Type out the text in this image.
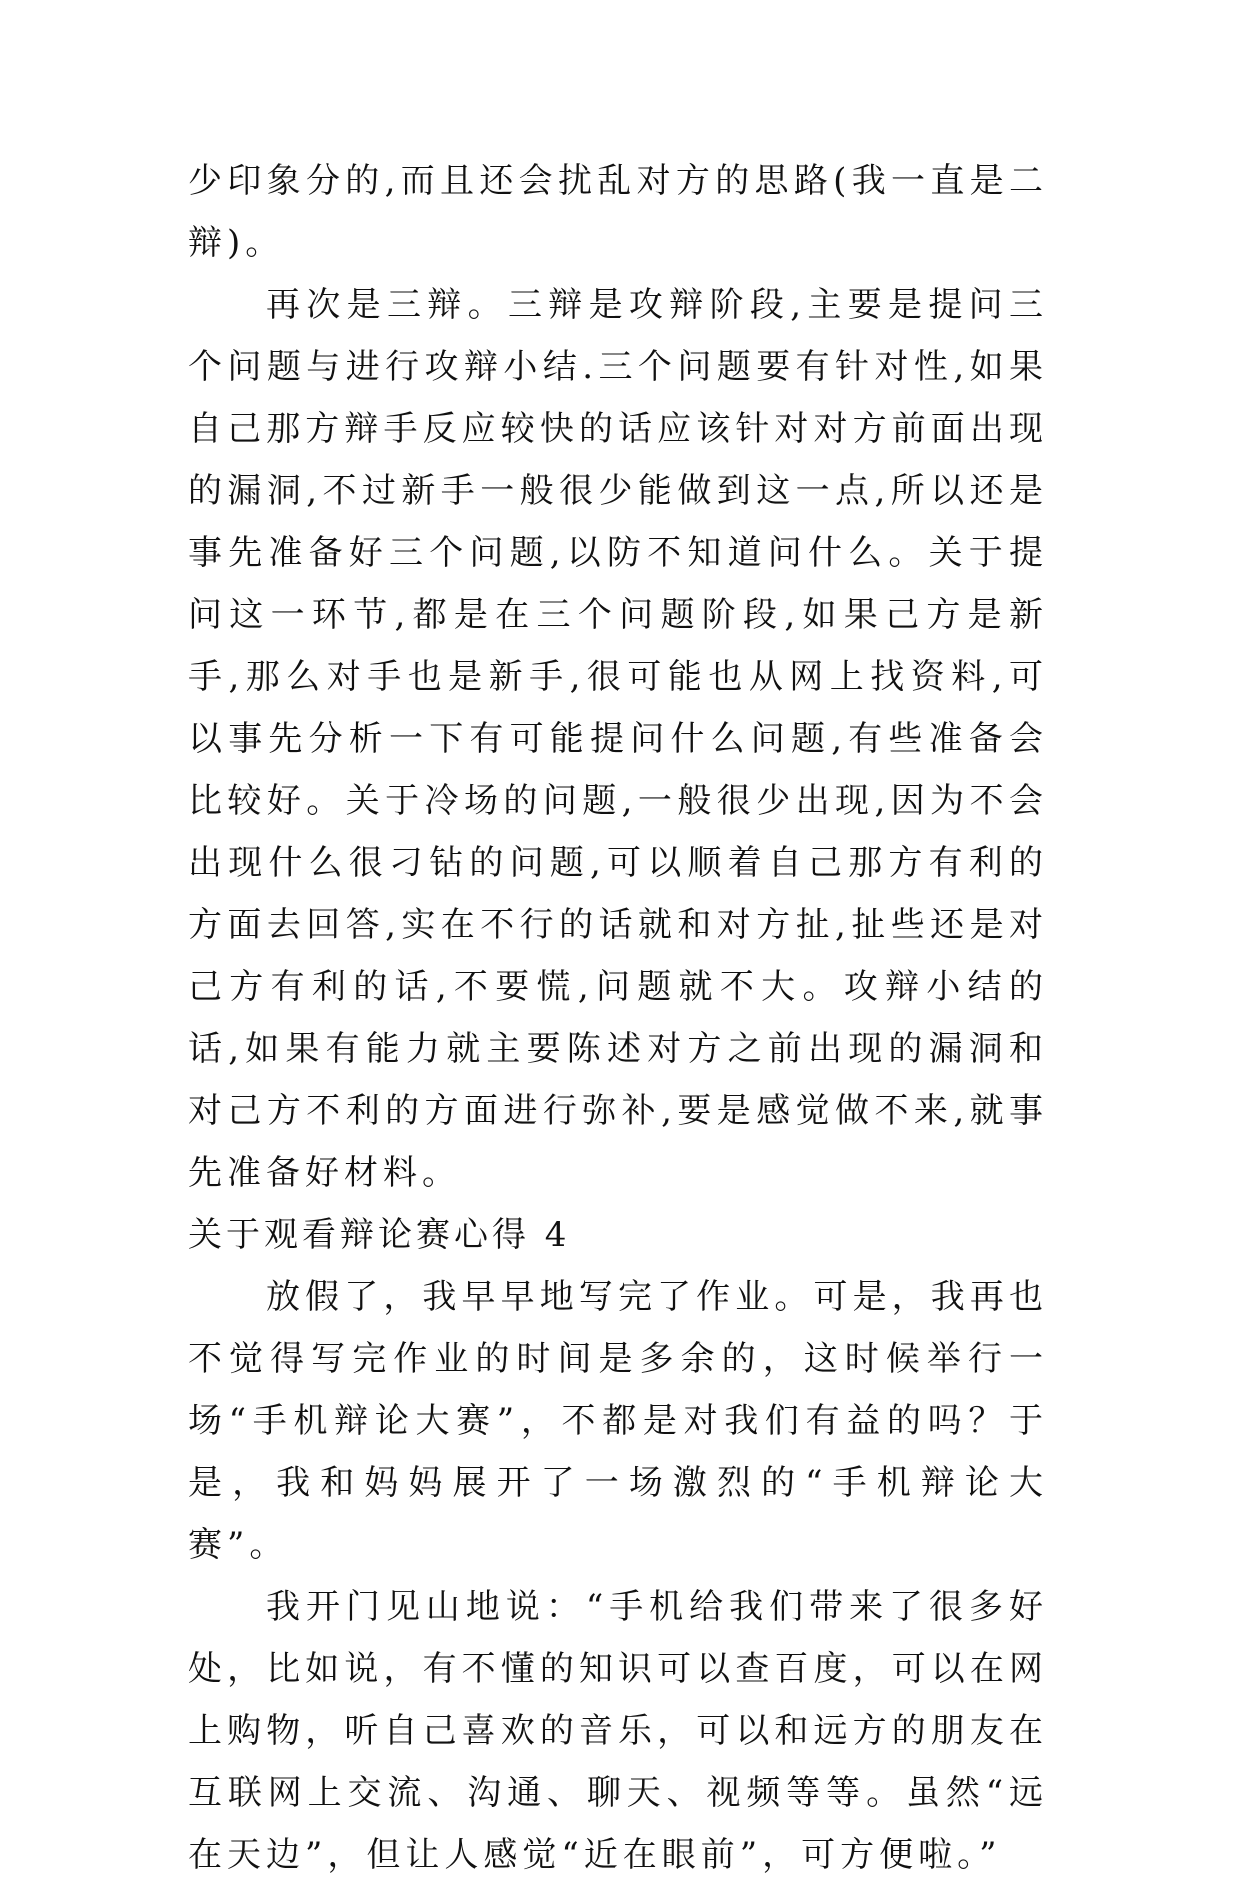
少印象分的,而且还会扰乱对方的思路(我一直是二辩)。

再次是三辩。三辩是攻辩阶段,主要是提问三个问题与进行攻辩小结.三个问题要有针对性,如果自己那方辩手反应较快的话应该针对对方前面出现的漏洞,不过新手一般很少能做到这一点,所以还是事先准备好三个问题,以防不知道问什么。关于提问这一环节,都是在三个问题阶段,如果己方是新手,那么对手也是新手,很可能也从网上找资料,可以事先分析一下有可能提问什么问题,有些准备会比较好。关于冷场的问题,一般很少出现,因为不会出现什么很刁钻的问题,可以顺着自己那方有利的方面去回答,实在不行的话就和对方扯,扯些还是对己方有利的话,不要慌,问题就不大。攻辩小结的话,如果有能力就主要陈述对方之前出现的漏洞和对己方不利的方面进行弥补,要是感觉做不来,就事先准备好材料。

关于观看辩论赛心得 4

放假了，我早早地写完了作业。可是，我再也不觉得写完作业的时间是多余的，这时候举行一场“手机辩论大赛”，不都是对我们有益的吗？于是，我和妈妈展开了一场激烈的“手机辩论大赛”。

我开门见山地说：“手机给我们带来了很多好处，比如说，有不懂的知识可以查百度，可以在网上购物，听自己喜欢的音乐，可以和远方的朋友在互联网上交流、沟通、聊天、视频等等。虽然“远在天边”，但让人感觉“近在眼前”，可方便啦。”
